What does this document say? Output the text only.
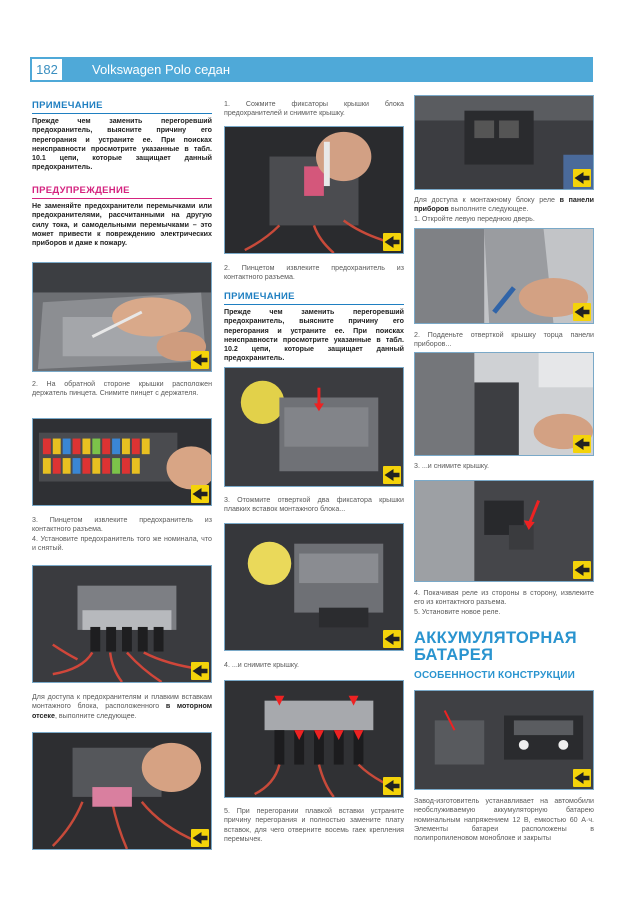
182	Volkswagen Polo седан
ПРИМЕЧАНИЕ
Прежде чем заменить перегоревший предохранитель, выясните причину его перегорания и устраните ее. При поисках неисправности просмотрите указанные в табл. 10.1 цепи, которые защищает данный предохранитель.
ПРЕДУПРЕЖДЕНИЕ
Не заменяйте предохранители перемычками или предохранителями, рассчитанными на другую силу тока, и самодельными перемычками – это может привести к повреждению электрических приборов и даже к пожару.
2. На обратной стороне крышки расположен держатель пинцета. Снимите пинцет с держателя.
3. Пинцетом извлеките предохранитель из контактного разъема.
4. Установите предохранитель того же номинала, что и снятый.
Для доступа к предохранителям и плавким вставкам монтажного блока, расположенного в моторном отсеке, выполните следующее.
1. Сожмите фиксаторы крышки блока предохранителей и снимите крышку.
2. Пинцетом извлеките предохранитель из контактного разъема.
ПРИМЕЧАНИЕ
Прежде чем заменить перегоревший предохранитель, выясните причину его перегорания и устраните ее. При поисках неисправности просмотрите указанные в табл. 10.2 цепи, которые защищает данный предохранитель.
3. Отожмите отверткой два фиксатора крышки плавких вставок монтажного блока...
4. ...и снимите крышку.
5. При перегорании плавкой вставки устраните причину перегорания и полностью замените плату вставок, для чего отверните восемь гаек крепления перемычек.
Для доступа к монтажному блоку реле в панели приборов выполните следующее.
1. Откройте левую переднюю дверь.
2. Подденьте отверткой крышку торца панели приборов...
3. ...и снимите крышку.
4. Покачивая реле из стороны в сторону, извлеките его из контактного разъема.
5. Установите новое реле.
АККУМУЛЯТОРНАЯ
БАТАРЕЯ
ОСОБЕННОСТИ КОНСТРУКЦИИ
Завод-изготовитель устанавливает на автомобили необслуживаемую аккумуляторную батарею номинальным напряжением 12 В, емкостью 60 А·ч. Элементы батареи расположены в полипропиленовом моноблоке и закрыты
